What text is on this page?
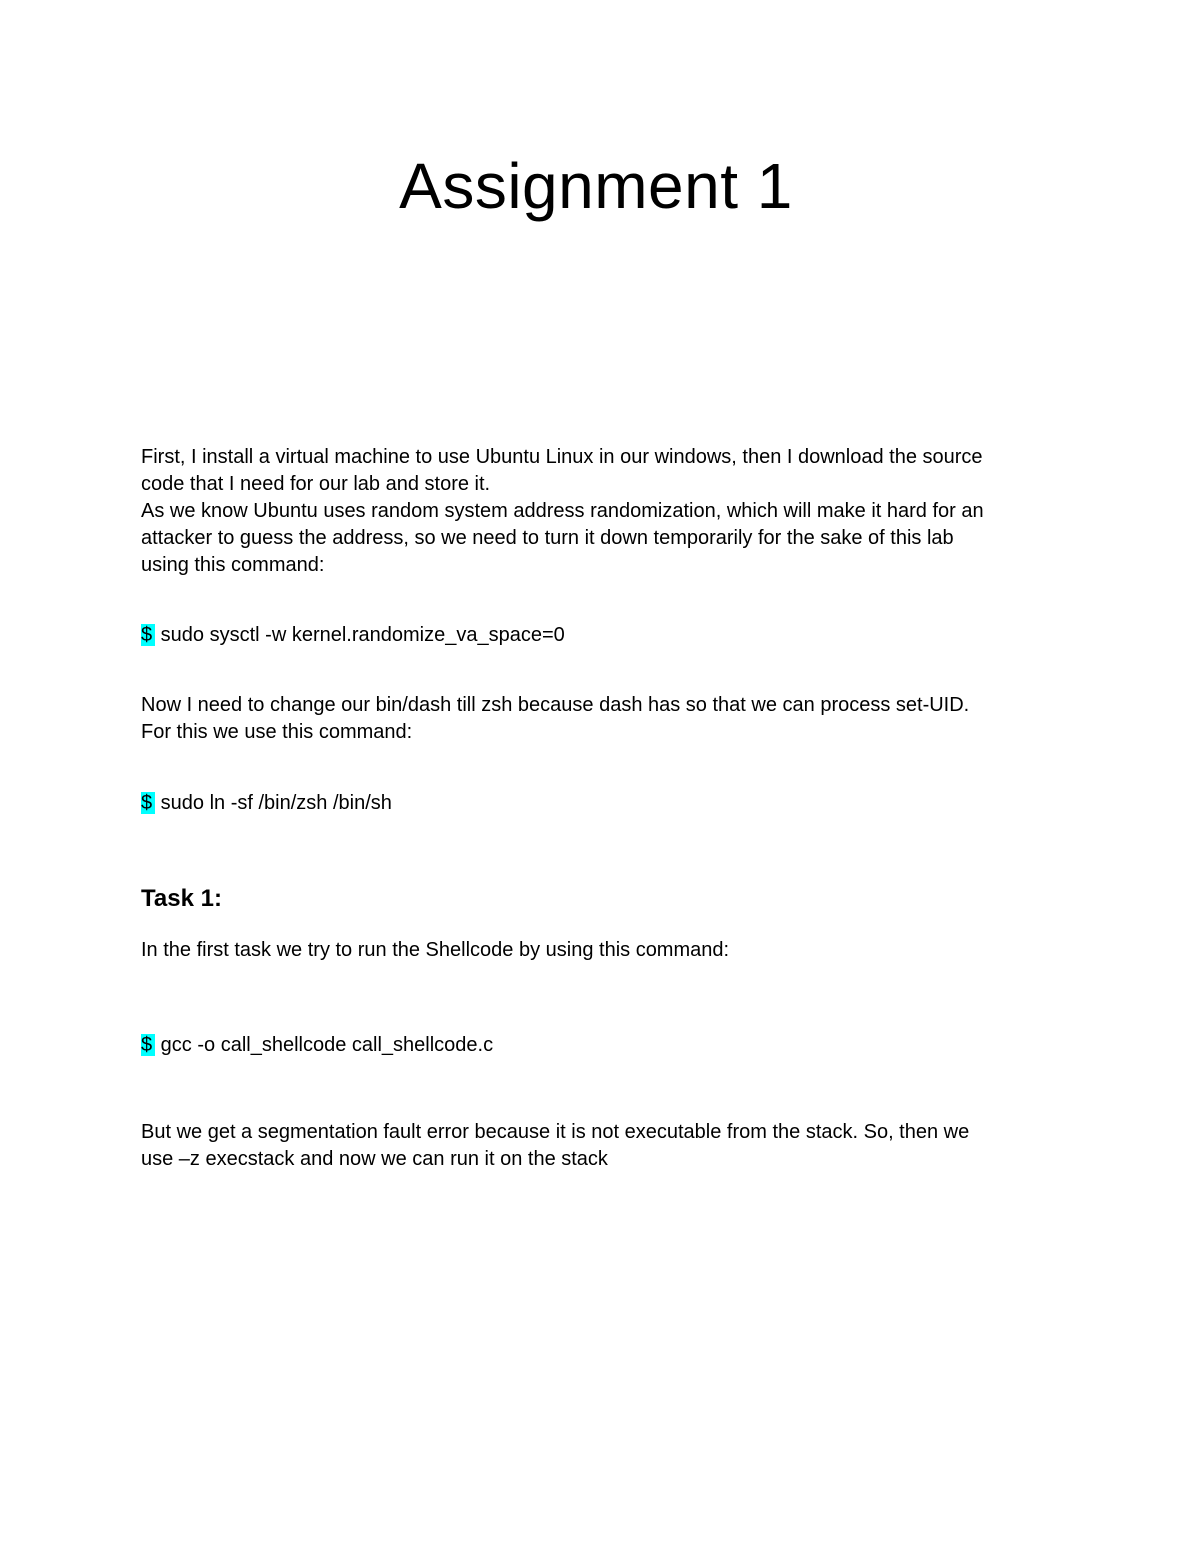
Assignment 1
First, I install a virtual machine to use Ubuntu Linux in our windows, then I download the source
code that I need for our lab and store it.
As we know Ubuntu uses random system address randomization, which will make it hard for an
attacker to guess the address, so we need to turn it down temporarily for the sake of this lab
using this command:
$ sudo sysctl -w kernel.randomize_va_space=0
Now I need to change our bin/dash till zsh because dash has so that we can process set-UID.
For this we use this command:
$ sudo ln -sf /bin/zsh /bin/sh
Task 1:
In the first task we try to run the Shellcode by using this command:
$ gcc -o call_shellcode call_shellcode.c
But we get a segmentation fault error because it is not executable from the stack. So, then we
use –z execstack and now we can run it on the stack
